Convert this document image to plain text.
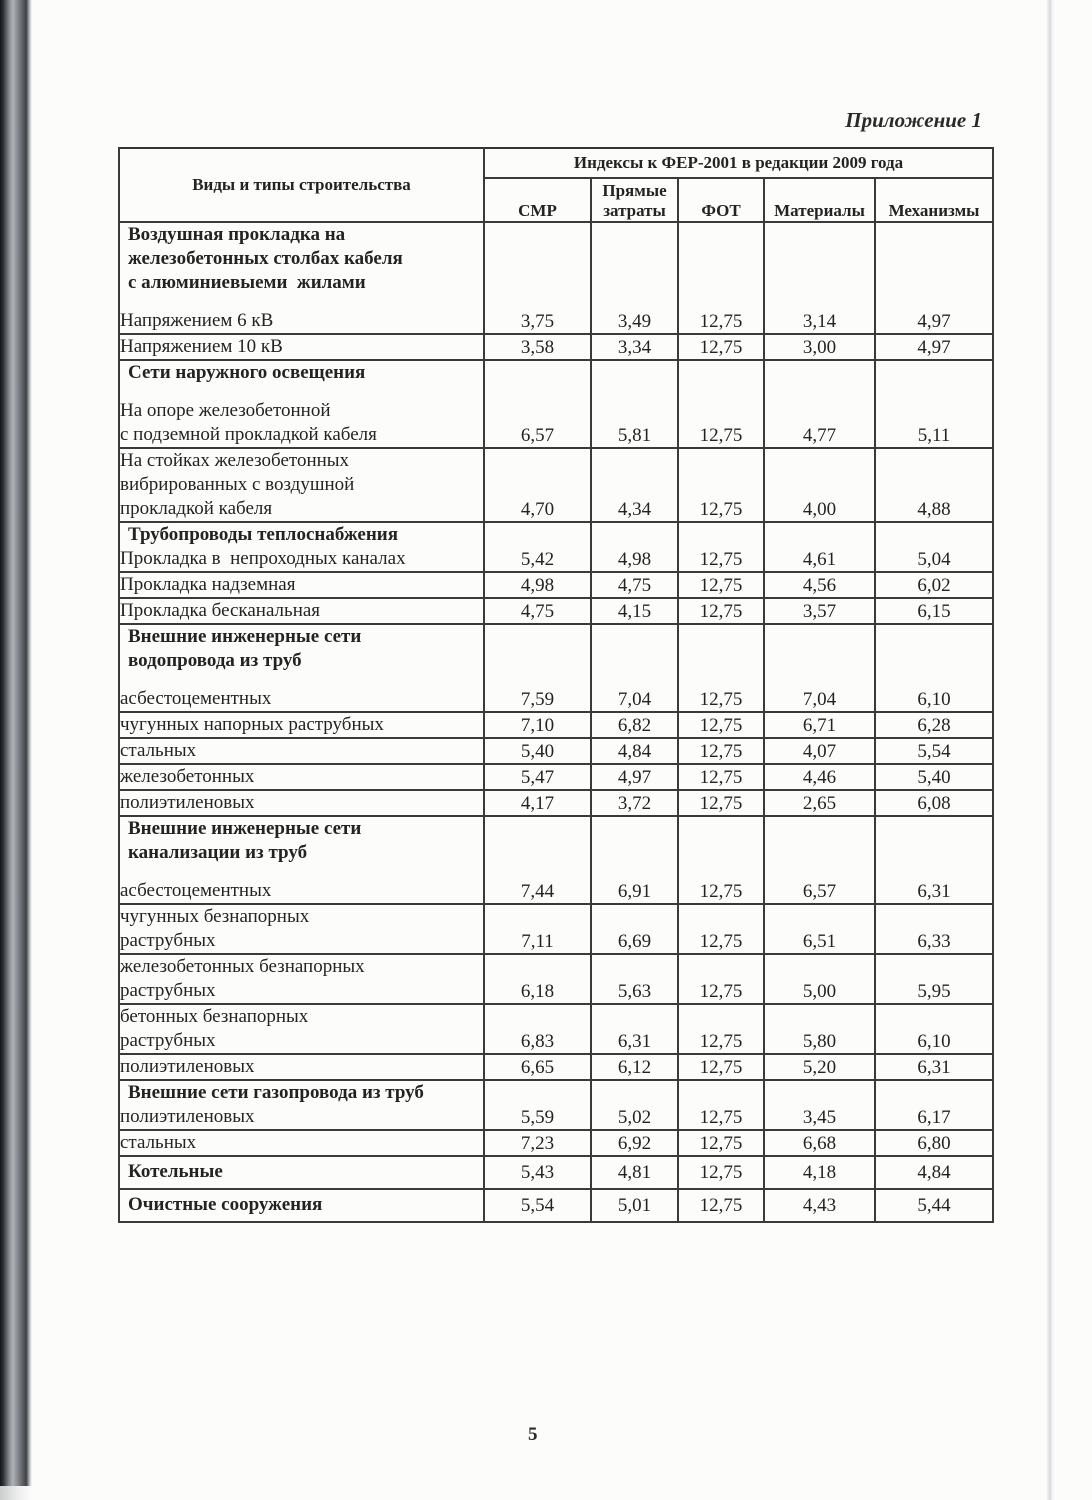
Приложение 1
Виды и типы строительства	Индексы к ФЕР-2001 в редакции 2009 года				
	СМР	Прямые затраты	ФОТ	Материалы	Механизмы

Воздушная прокладка на
железобетонных столбах кабеля
с алюминиевыеми  жилами					

Напряжением 6 кВ	3,75	3,49	12,75	3,14	4,97

Напряжением 10 кВ	3,58	3,34	12,75	3,00	4,97

Сети наружного освещения					

На опоре железобетонной
с подземной прокладкой кабеля	6,57	5,81	12,75	4,77	5,11

На стойках железобетонных
вибрированных с воздушной
прокладкой кабеля	4,70	4,34	12,75	4,00	4,88

Трубопроводы теплоснабжения					

Прокладка в  непроходных каналах	5,42	4,98	12,75	4,61	5,04

Прокладка надземная	4,98	4,75	12,75	4,56	6,02

Прокладка бесканальная	4,75	4,15	12,75	3,57	6,15

Внешние инженерные сети
водопровода из труб					

асбестоцементных	7,59	7,04	12,75	7,04	6,10

чугунных напорных раструбных	7,10	6,82	12,75	6,71	6,28

стальных	5,40	4,84	12,75	4,07	5,54

железобетонных	5,47	4,97	12,75	4,46	5,40

полиэтиленовых	4,17	3,72	12,75	2,65	6,08

Внешние инженерные сети
канализации из труб					

асбестоцементных	7,44	6,91	12,75	6,57	6,31

чугунных безнапорных
раструбных	7,11	6,69	12,75	6,51	6,33

железобетонных безнапорных
раструбных	6,18	5,63	12,75	5,00	5,95

бетонных безнапорных
раструбных	6,83	6,31	12,75	5,80	6,10

полиэтиленовых	6,65	6,12	12,75	5,20	6,31

Внешние сети газопровода из труб					

полиэтиленовых	5,59	5,02	12,75	3,45	6,17

стальных	7,23	6,92	12,75	6,68	6,80

Котельные	5,43	4,81	12,75	4,18	4,84

Очистные сооружения	5,54	5,01	12,75	4,43	5,44
5
